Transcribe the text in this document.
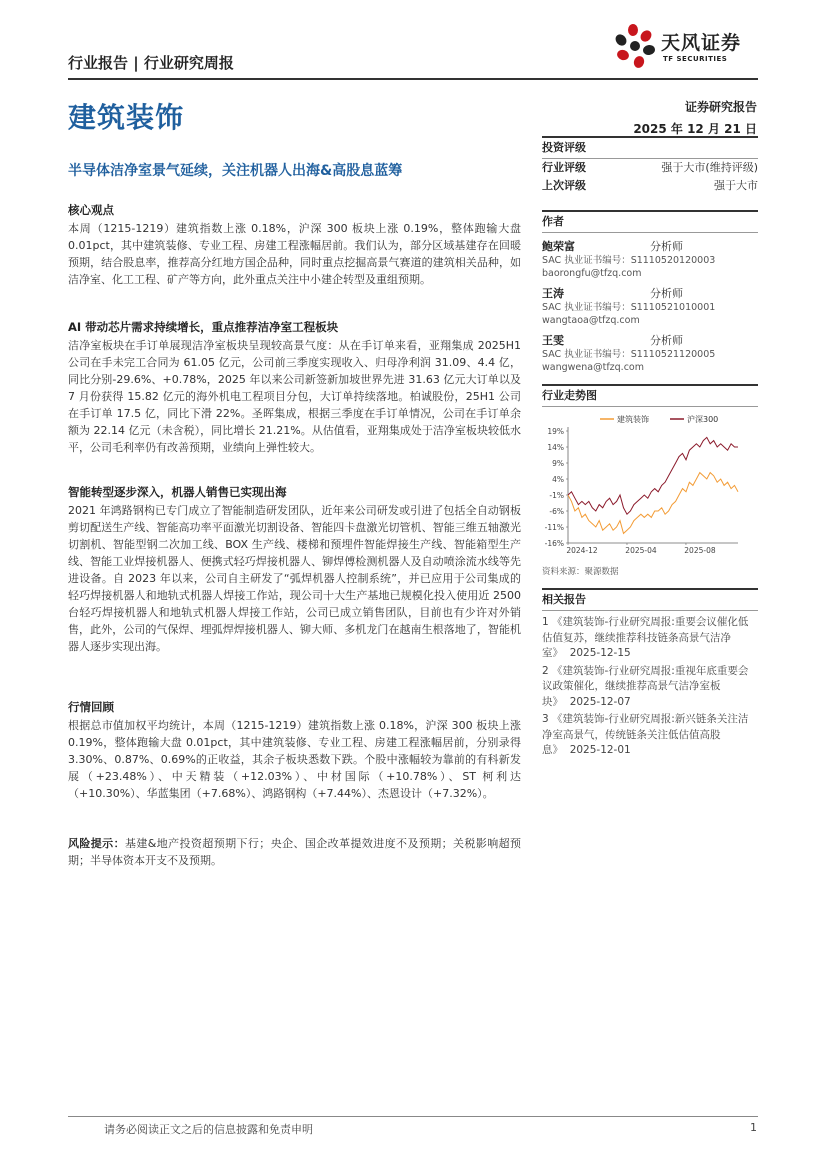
行业报告 | 行业研究周报
天风证券
TF SECURITIES
建筑装饰	证券研究报告
2025 年 12 月 21 日
半导体洁净室景气延续，关注机器人出海&高股息蓝筹
核心观点

本周（1215-1219）建筑指数上涨 0.18%，沪深 300 板块上涨 0.19%，整体跑输大盘 0.01pct，其中建筑装修、专业工程、房建工程涨幅居前。我们认为，部分区域基建存在回暖预期，结合股息率，推荐高分红地方国企品种，同时重点挖掘高景气赛道的建筑相关品种，如洁净室、化工工程、矿产等方向，此外重点关注中小建企转型及重组预期。

AI 带动芯片需求持续增长，重点推荐洁净室工程板块

洁净室板块在手订单展现洁净室板块呈现较高景气度：从在手订单来看，亚翔集成 2025H1 公司在手未完工合同为 61.05 亿元，公司前三季度实现收入、归母净利润 31.09、4.4 亿，同比分别-29.6%、+0.78%，2025 年以来公司新签新加坡世界先进 31.63 亿元大订单以及 7 月份获得 15.82 亿元的海外机电工程项目分包，大订单持续落地。柏诚股份，25H1 公司在手订单 17.5 亿，同比下滑 22%。圣晖集成，根据三季度在手订单情况，公司在手订单余额为 22.14 亿元（未含税），同比增长 21.21%。从估值看，亚翔集成处于洁净室板块较低水平，公司毛利率仍有改善预期，业绩向上弹性较大。

智能转型逐步深入，机器人销售已实现出海

2021 年鸿路钢构已专门成立了智能制造研发团队，近年来公司研发或引进了包括全自动钢板剪切配送生产线、智能高功率平面激光切割设备、智能四卡盘激光切管机、智能三维五轴激光切割机、智能型钢二次加工线、BOX 生产线、楼梯和预埋件智能焊接生产线、智能箱型生产线、智能工业焊接机器人、便携式轻巧焊接机器人、铆焊傅检测机器人及自动喷涂流水线等先进设备。自 2023 年以来，公司自主研发了“弧焊机器人控制系统”，并已应用于公司集成的轻巧焊接机器人和地轨式机器人焊接工作站，现公司十大生产基地已规模化投入使用近 2500 台轻巧焊接机器人和地轨式机器人焊接工作站，公司已成立销售团队，目前也有少许对外销售，此外，公司的气保焊、埋弧焊焊接机器人、铆大师、多机龙门在越南生根落地了，智能机器人逐步实现出海。

行情回顾

根据总市值加权平均统计，本周（1215-1219）建筑指数上涨 0.18%，沪深 300 板块上涨 0.19%，整体跑输大盘 0.01pct，其中建筑装修、专业工程、房建工程涨幅居前，分别录得 3.30%、0.87%、0.69%的正收益，其余子板块悉数下跌。个股中涨幅较为靠前的有科新发展（+23.48%）、中天精装（+12.03%）、中材国际（+10.78%）、ST 柯利达（+10.30%）、华蓝集团（+7.68%）、鸿路钢构（+7.44%）、杰恩设计（+7.32%）。

风险提示：基建&地产投资超预期下行；央企、国企改革提效进度不及预期；关税影响超预期；半导体资本开支不及预期。

投资评级
行业评级	强于大市(维持评级)
上次评级	强于大市
作者
鲍荣富	分析师
SAC 执业证书编号：S1110520120003
baorongfu@tfzq.com
王涛	分析师
SAC 执业证书编号：S1110521010001
wangtaoa@tfzq.com
王雯	分析师
SAC 执业证书编号：S1110521120005
wangwena@tfzq.com
行业走势图
-16%
-11%
-6%
-1%
4%
9%
14%
19%
2024-12	2025-04	2025-08
建筑装饰	沪深300
资料来源：聚源数据
相关报告
1 《建筑装饰-行业研究周报:重要会议催化低估值复苏，继续推荐科技链条高景气洁净室》 2025-12-15
2 《建筑装饰-行业研究周报:重视年底重要会议政策催化，继续推荐高景气洁净室板块》 2025-12-07
3 《建筑装饰-行业研究周报:新兴链条关注洁净室高景气，传统链条关注低估值高股息》 2025-12-01
请务必阅读正文之后的信息披露和免责申明	1
